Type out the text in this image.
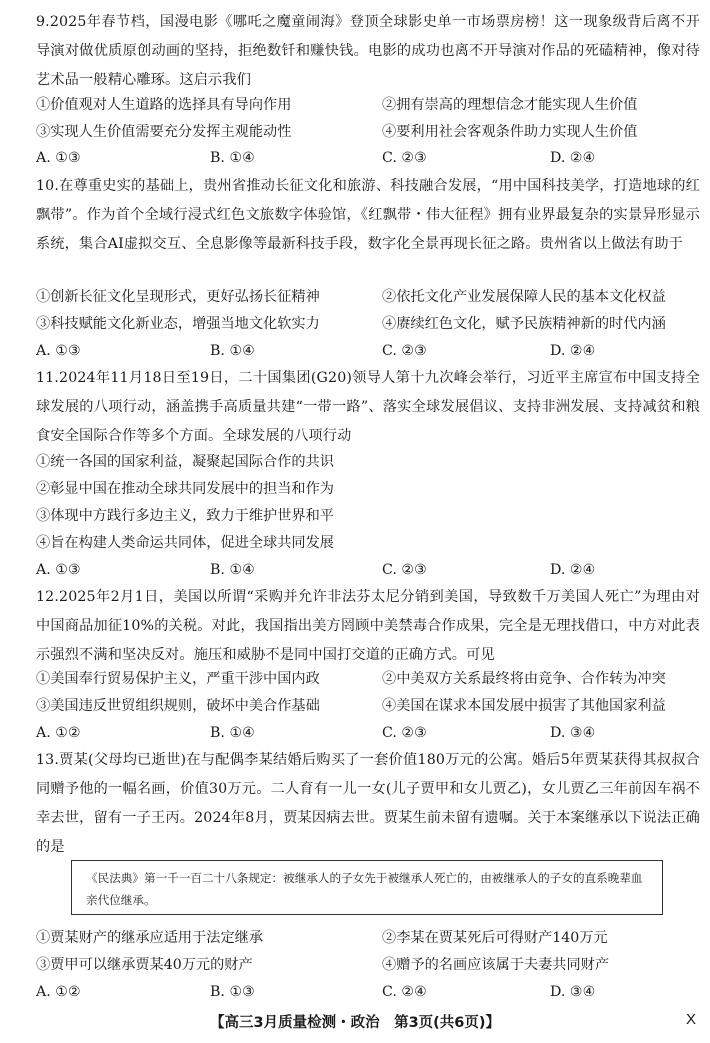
9.2025年春节档，国漫电影《哪吒之魔童闹海》登顶全球影史单一市场票房榜！这一现象级背后离不开导演对做优质原创动画的坚持，拒绝数钎和赚快钱。电影的成功也离不开导演对作品的死磕精神，像对待艺术品一般精心雕琢。这启示我们

①价值观对人生道路的选择具有导向作用	②拥有崇高的理想信念才能实现人生价值
③实现人生价值需要充分发挥主观能动性	④要利用社会客观条件助力实现人生价值
A. ①③	B. ①④	C. ②③	D. ②④

10.在尊重史实的基础上，贵州省推动长征文化和旅游、科技融合发展，“用中国科技美学，打造地球的红飘带”。作为首个全域行浸式红色文旅数字体验馆，《红飘带・伟大征程》拥有业界最复杂的实景异形显示系统，集合AI虚拟交互、全息影像等最新科技手段，数字化全景再现长征之路。贵州省以上做法有助于

①创新长征文化呈现形式，更好弘扬长征精神	②依托文化产业发展保障人民的基本文化权益
③科技赋能文化新业态，增强当地文化软实力	④赓续红色文化，赋予民族精神新的时代内涵
A. ①③	B. ①④	C. ②③	D. ②④

11.2024年11月18日至19日，二十国集团(G20)领导人第十九次峰会举行，习近平主席宣布中国支持全球发展的八项行动，涵盖携手高质量共建“一带一路”、落实全球发展倡议、支持非洲发展、支持减贫和粮食安全国际合作等多个方面。全球发展的八项行动

①统一各国的国家利益，凝聚起国际合作的共识
②彰显中国在推动全球共同发展中的担当和作为
③体现中方践行多边主义，致力于维护世界和平
④旨在构建人类命运共同体，促进全球共同发展
A. ①③	B. ①④	C. ②③	D. ②④

12.2025年2月1日，美国以所谓“采购并允许非法芬太尼分销到美国，导致数千万美国人死亡”为理由对中国商品加征10%的关税。对此，我国指出美方罔顾中美禁毒合作成果，完全是无理找借口，中方对此表示强烈不满和坚决反对。施压和威胁不是同中国打交道的正确方式。可见

①美国奉行贸易保护主义，严重干涉中国内政	②中美双方关系最终将由竞争、合作转为冲突
③美国违反世贸组织规则，破坏中美合作基础	④美国在谋求本国发展中损害了其他国家利益
A. ①②	B. ①④	C. ②③	D. ③④

13.贾某(父母均已逝世)在与配偶李某结婚后购买了一套价值180万元的公寓。婚后5年贾某获得其叔叔合同赠予他的一幅名画，价值30万元。二人育有一儿一女(儿子贾甲和女儿贾乙)，女儿贾乙三年前因车祸不幸去世，留有一子王丙。2024年8月，贾某因病去世。贾某生前未留有遗嘱。关于本案继承以下说法正确的是

《民法典》第一千一百二十八条规定：被继承人的子女先于被继承人死亡的，由被继承人的子女的直系晚辈血亲代位继承。
①贾某财产的继承应适用于法定继承	②李某在贾某死后可得财产140万元
③贾甲可以继承贾某40万元的财产	④赠予的名画应该属于夫妻共同财产
A. ①②	B. ①③	C. ②④	D. ③④
【高三3月质量检测・政治　第3页(共6页)】	X
